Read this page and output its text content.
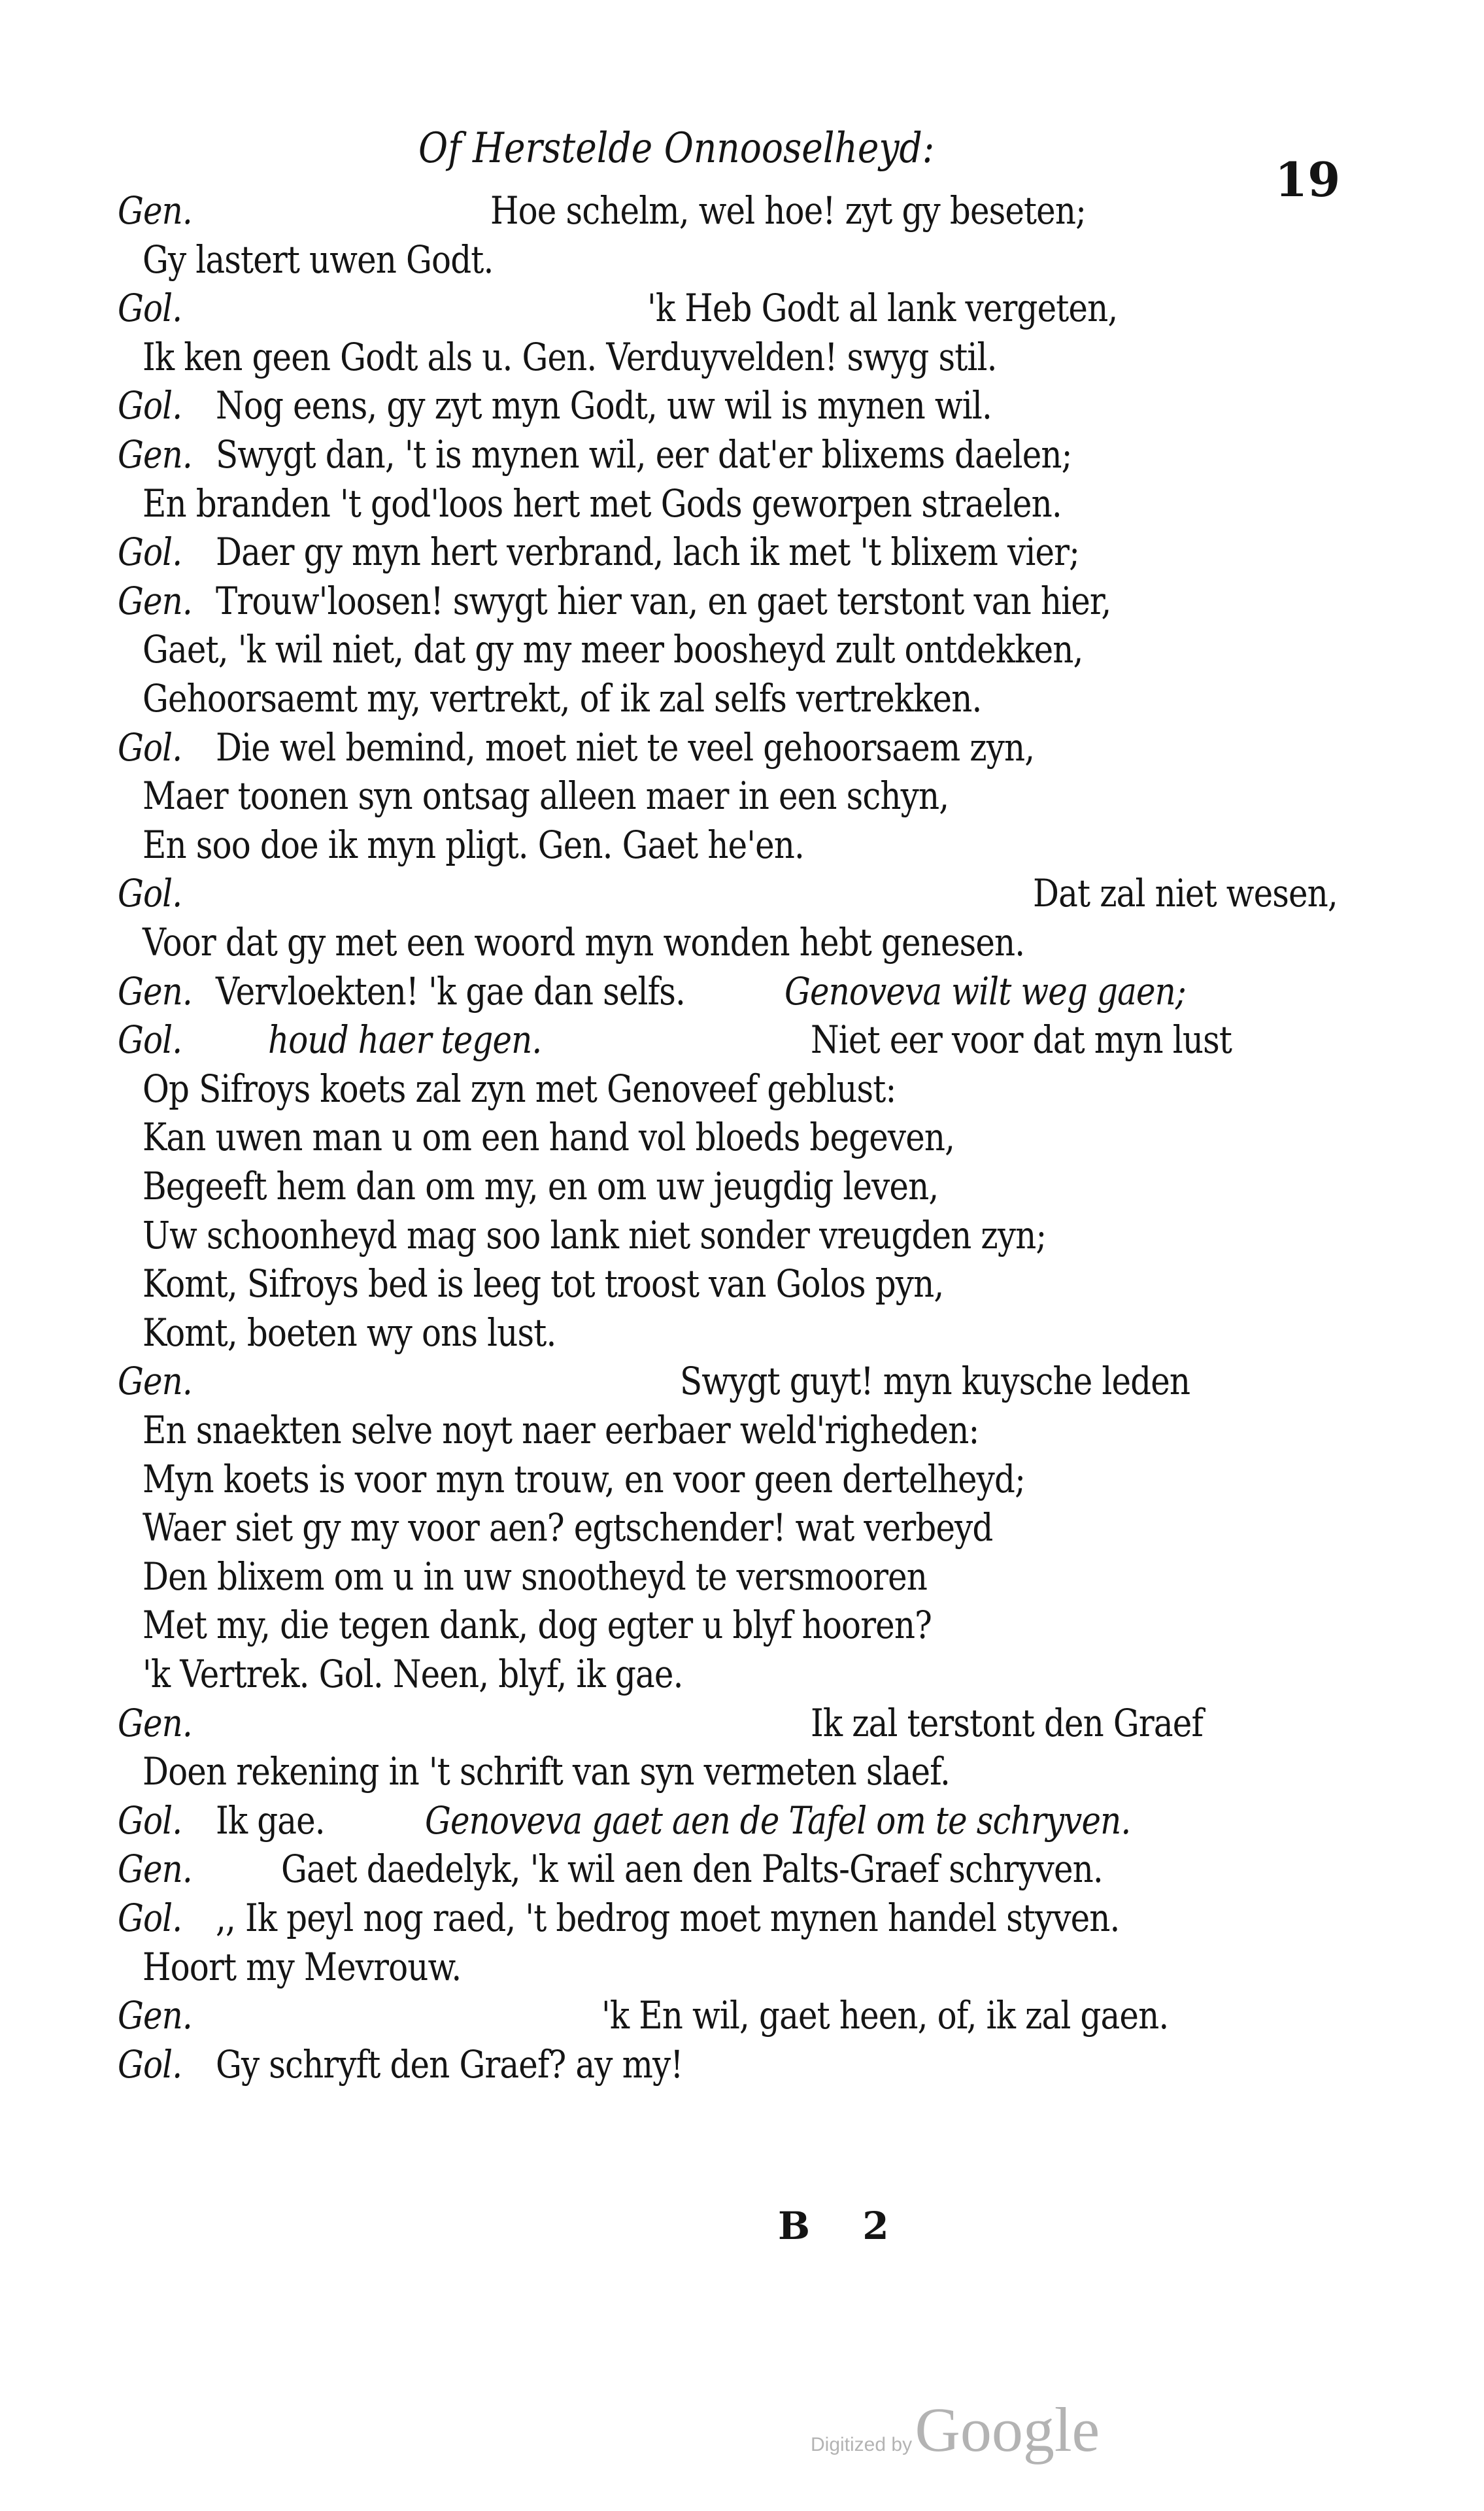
Of Herstelde Onnooselheyd:
19
Gen.	Hoe schelm, wel hoe! zyt gy beseten;
Gy lastert uwen Godt.
Gol.	'k Heb Godt al lank vergeten,
Ik ken geen Godt als u. Gen. Verduyvelden! swyg stil.
Gol. Nog eens, gy zyt myn Godt, uw wil is mynen wil.
Gen. Swygt dan, 't is mynen wil, eer dat'er blixems daelen;
En branden 't god'loos hert met Gods geworpen straelen.
Gol. Daer gy myn hert verbrand, lach ik met 't blixem vier;
Gen. Trouw'loosen! swygt hier van, en gaet terstont van hier,
Gaet, 'k wil niet, dat gy my meer boosheyd zult ontdekken,
Gehoorsaemt my, vertrekt, of ik zal selfs vertrekken.
Gol. Die wel bemind, moet niet te veel gehoorsaem zyn,
Maer toonen syn ontsag alleen maer in een schyn,
En soo doe ik myn pligt. Gen. Gaet he'en.
Gol.	Dat zal niet wesen,
Voor dat gy met een woord myn wonden hebt genesen.
Gen. Vervloekten! 'k gae dan selfs.	Genoveva wilt weg gaen;
Gol. houd haer tegen.	Niet eer voor dat myn lust
Op Sifroys koets zal zyn met Genoveef geblust:
Kan uwen man u om een hand vol bloeds begeven,
Begeeft hem dan om my, en om uw jeugdig leven,
Uw schoonheyd mag soo lank niet sonder vreugden zyn;
Komt, Sifroys bed is leeg tot troost van Golos pyn,
Komt, boeten wy ons lust.
Gen.	Swygt guyt! myn kuysche leden
En snaekten selve noyt naer eerbaer weld'righeden:
Myn koets is voor myn trouw, en voor geen dertelheyd;
Waer siet gy my voor aen? egtschender! wat verbeyd
Den blixem om u in uw snootheyd te versmooren
Met my, die tegen dank, dog egter u blyf hooren?
'k Vertrek. Gol. Neen, blyf, ik gae.
Gen.	Ik zal terstont den Graef
Doen rekening in 't schrift van syn vermeten slaef.
Gol. Ik gae.	Genoveva gaet aen de Tafel om te schryven.
Gen. Gaet daedelyk, 'k wil aen den Palts-Graef schryven.
Gol. ,, Ik peyl nog raed, 't bedrog moet mynen handel styven.
Hoort my Mevrouw.
Gen.	'k En wil, gaet heen, of, ik zal gaen.
Gol. Gy schryft den Graef? ay my!
B 2
Digitized by Google
